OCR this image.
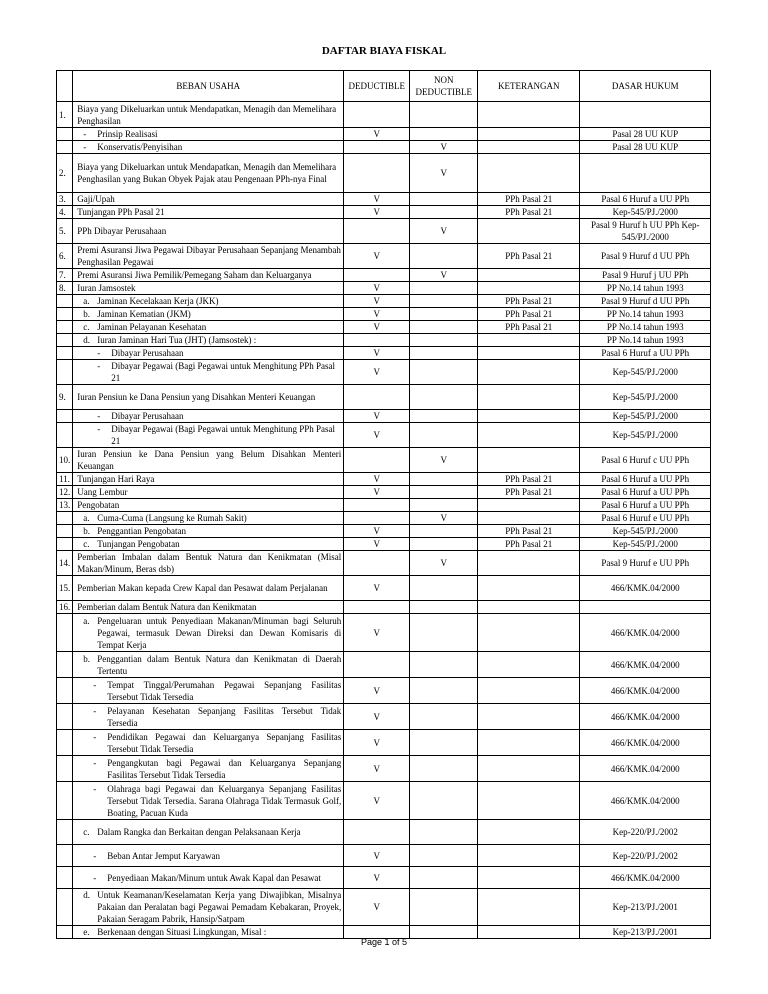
DAFTAR BIAYA FISKAL
	BEBAN USAHA	DEDUCTIBLE	NON DEDUCTIBLE	KETERANGAN	DASAR HUKUM
1.	Biaya yang Dikeluarkan untuk Mendapatkan, Menagih dan Memelihara Penghasilan				

	- Prinsip Realisasi	V			Pasal 28 UU KUP

	- Konservatis/Penyisihan		V		Pasal 28 UU KUP
2.	Biaya yang Dikeluarkan untuk Mendapatkan, Menagih dan Memelihara Penghasilan yang Bukan Obyek Pajak atau Pengenaan PPh-nya Final		V		
3.	Gaji/Upah	V		PPh Pasal 21	Pasal 6 Huruf a UU PPh
4.	Tunjangan PPh Pasal 21	V		PPh Pasal 21	Kep-545/PJ./2000
5.	PPh Dibayar Perusahaan		V		Pasal 9 Huruf h UU PPh Kep-545/PJ./2000
6.	Premi Asuransi Jiwa Pegawai Dibayar Perusahaan Sepanjang Menambah Penghasilan Pegawai	V		PPh Pasal 21	Pasal 9 Huruf d UU PPh
7.	Premi Asuransi Jiwa Pemilik/Pemegang Saham dan Keluarganya		V		Pasal 9 Huruf j UU PPh
8.	Iuran Jamsostek	V			PP No.14 tahun 1993

	a. Jaminan Kecelakaan Kerja (JKK)	V		PPh Pasal 21	Pasal 9 Huruf d UU PPh

	b. Jaminan Kematian (JKM)	V		PPh Pasal 21	PP No.14 tahun 1993

	c. Jaminan Pelayanan Kesehatan	V		PPh Pasal 21	PP No.14 tahun 1993

	d. Iuran Jaminan Hari Tua (JHT) (Jamsostek) :				PP No.14 tahun 1993

	- Dibayar Perusahaan	V			Pasal 6 Huruf a UU PPh

	- Dibayar Pegawai (Bagi Pegawai untuk Menghitung PPh Pasal 21	V			Kep-545/PJ./2000
9.	Iuran Pensiun ke Dana Pensiun yang Disahkan Menteri Keuangan				Kep-545/PJ./2000

	- Dibayar Perusahaan	V			Kep-545/PJ./2000

	- Dibayar Pegawai (Bagi Pegawai untuk Menghitung PPh Pasal 21	V			Kep-545/PJ./2000
10.	Iuran Pensiun ke Dana Pensiun yang Belum Disahkan Menteri Keuangan		V		Pasal 6 Huruf c UU PPh
11.	Tunjangan Hari Raya	V		PPh Pasal 21	Pasal 6 Huruf a UU PPh
12.	Uang Lembur	V		PPh Pasal 21	Pasal 6 Huruf a UU PPh
13.	Pengobatan				Pasal 6 Huruf a UU PPh

	a. Cuma-Cuma (Langsung ke Rumah Sakit)		V		Pasal 6 Huruf e UU PPh

	b. Penggantian Pengobatan	V		PPh Pasal 21	Kep-545/PJ./2000

	c. Tunjangan Pengobatan	V		PPh Pasal 21	Kep-545/PJ./2000
14.	Pemberian Imbalan dalam Bentuk Natura dan Kenikmatan (Misal Makan/Minum, Beras dsb)		V		Pasal 9 Huruf e UU PPh
15.	Pemberian Makan kepada Crew Kapal dan Pesawat dalam Perjalanan	V			466/KMK.04/2000
16.	Pemberian dalam Bentuk Natura dan Kenikmatan				

	a. Pengeluaran untuk Penyediaan Makanan/Minuman bagi Seluruh Pegawai, termasuk Dewan Direksi dan Dewan Komisaris di Tempat Kerja	V			466/KMK.04/2000

	b. Penggantian dalam Bentuk Natura dan Kenikmatan di Daerah Tertentu				466/KMK.04/2000

	- Tempat Tinggal/Perumahan Pegawai Sepanjang Fasilitas Tersebut Tidak Tersedia	V			466/KMK.04/2000

	- Pelayanan Kesehatan Sepanjang Fasilitas Tersebut Tidak Tersedia	V			466/KMK.04/2000

	- Pendidikan Pegawai dan Keluarganya Sepanjang Fasilitas Tersebut Tidak Tersedia	V			466/KMK.04/2000

	- Pengangkutan bagi Pegawai dan Keluarganya Sepanjang Fasilitas Tersebut Tidak Tersedia	V			466/KMK.04/2000

	- Olahraga bagi Pegawai dan Keluarganya Sepanjang Fasilitas Tersebut Tidak Tersedia. Sarana Olahraga Tidak Termasuk Golf, Boating, Pacuan Kuda	V			466/KMK.04/2000

	c. Dalam Rangka dan Berkaitan dengan Pelaksanaan Kerja				Kep-220/PJ./2002

	- Beban Antar Jemput Karyawan	V			Kep-220/PJ./2002

	- Penyediaan Makan/Minum untuk Awak Kapal dan Pesawat	V			466/KMK.04/2000

	d. Untuk Keamanan/Keselamatan Kerja yang Diwajibkan, Misalnya Pakaian dan Peralatan bagi Pegawai Pemadam Kebakaran, Proyek, Pakaian Seragam Pabrik, Hansip/Satpam	V			Kep-213/PJ./2001

	e. Berkenaan dengan Situasi Lingkungan, Misal :				Kep-213/PJ./2001
Page 1 of 5
